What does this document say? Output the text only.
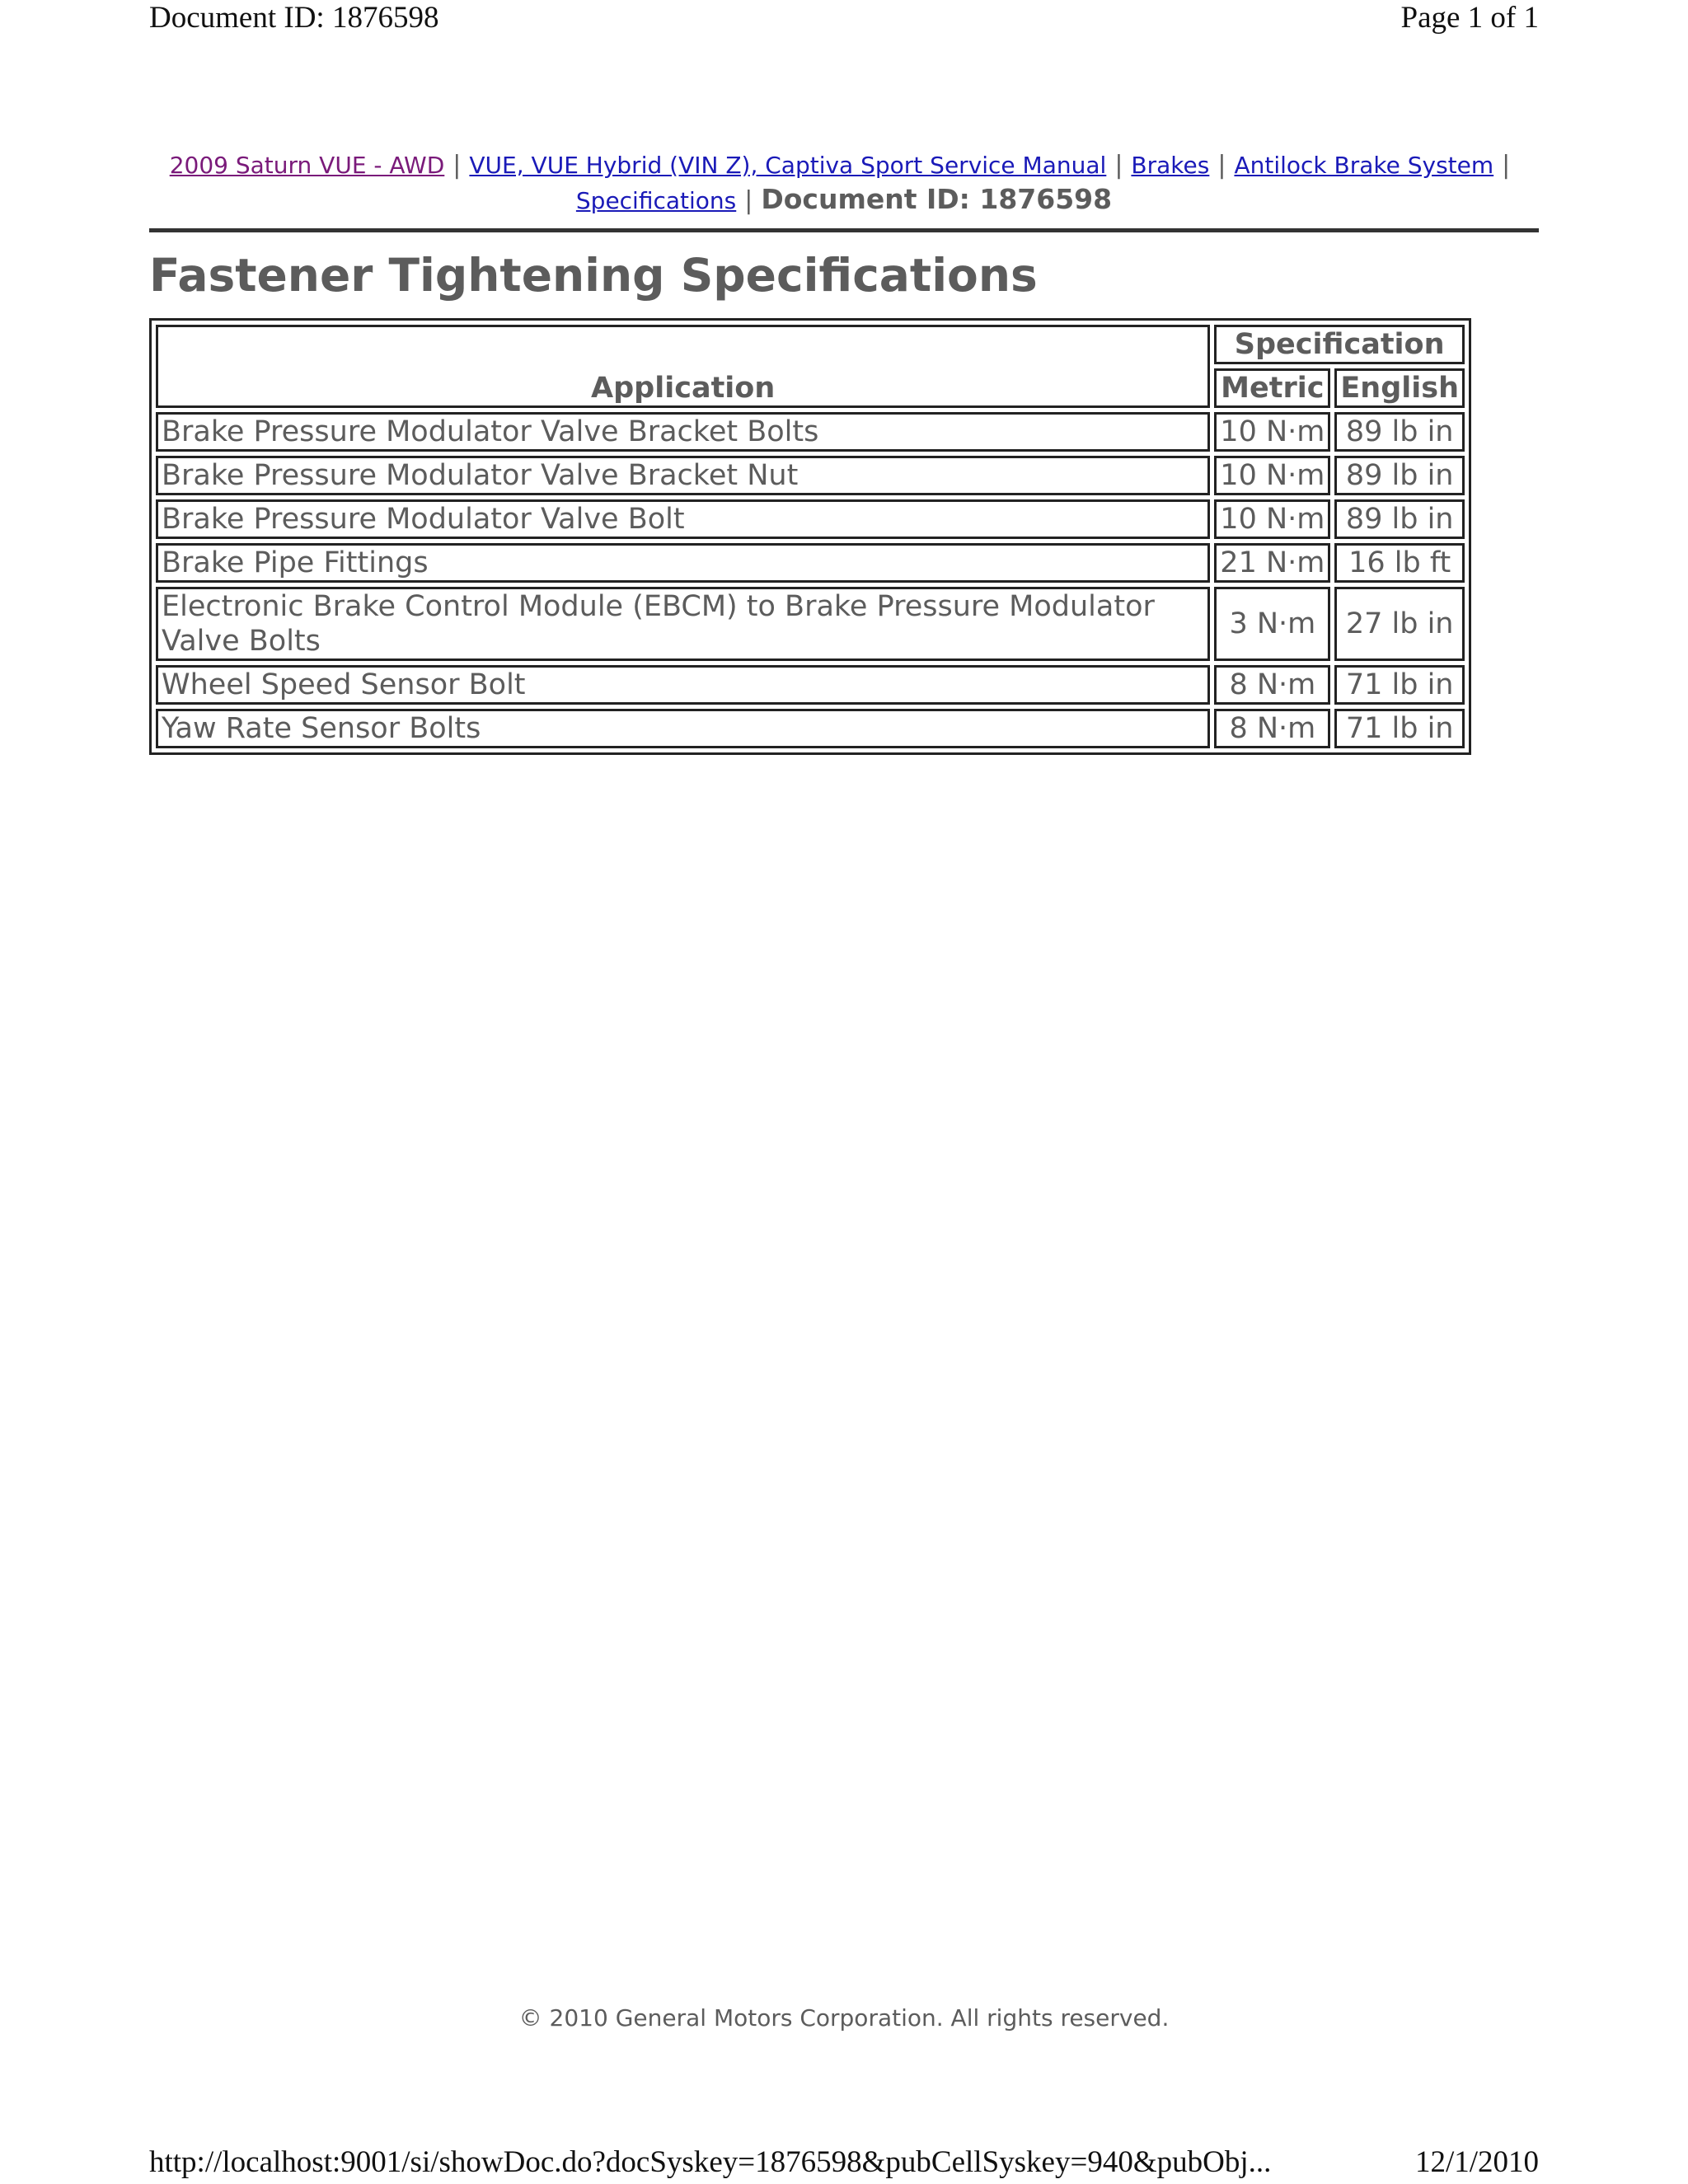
Document ID: 1876598	Page 1 of 1
2009 Saturn VUE - AWD | VUE, VUE Hybrid (VIN Z), Captiva Sport Service Manual | Brakes | Antilock Brake System |
Specifications | Document ID: 1876598
Fastener Tightening Specifications
Application	Specification	
	Metric	English
Brake Pressure Modulator Valve Bracket Bolts	10 N·m	89 lb in
Brake Pressure Modulator Valve Bracket Nut	10 N·m	89 lb in
Brake Pressure Modulator Valve Bolt	10 N·m	89 lb in
Brake Pipe Fittings	21 N·m	16 lb ft
Electronic Brake Control Module (EBCM) to Brake Pressure Modulator Valve Bolts	3 N·m	27 lb in
Wheel Speed Sensor Bolt	8 N·m	71 lb in
Yaw Rate Sensor Bolts	8 N·m	71 lb in
© 2010 General Motors Corporation. All rights reserved.
http://localhost:9001/si/showDoc.do?docSyskey=1876598&pubCellSyskey=940&pubObj...	12/1/2010
